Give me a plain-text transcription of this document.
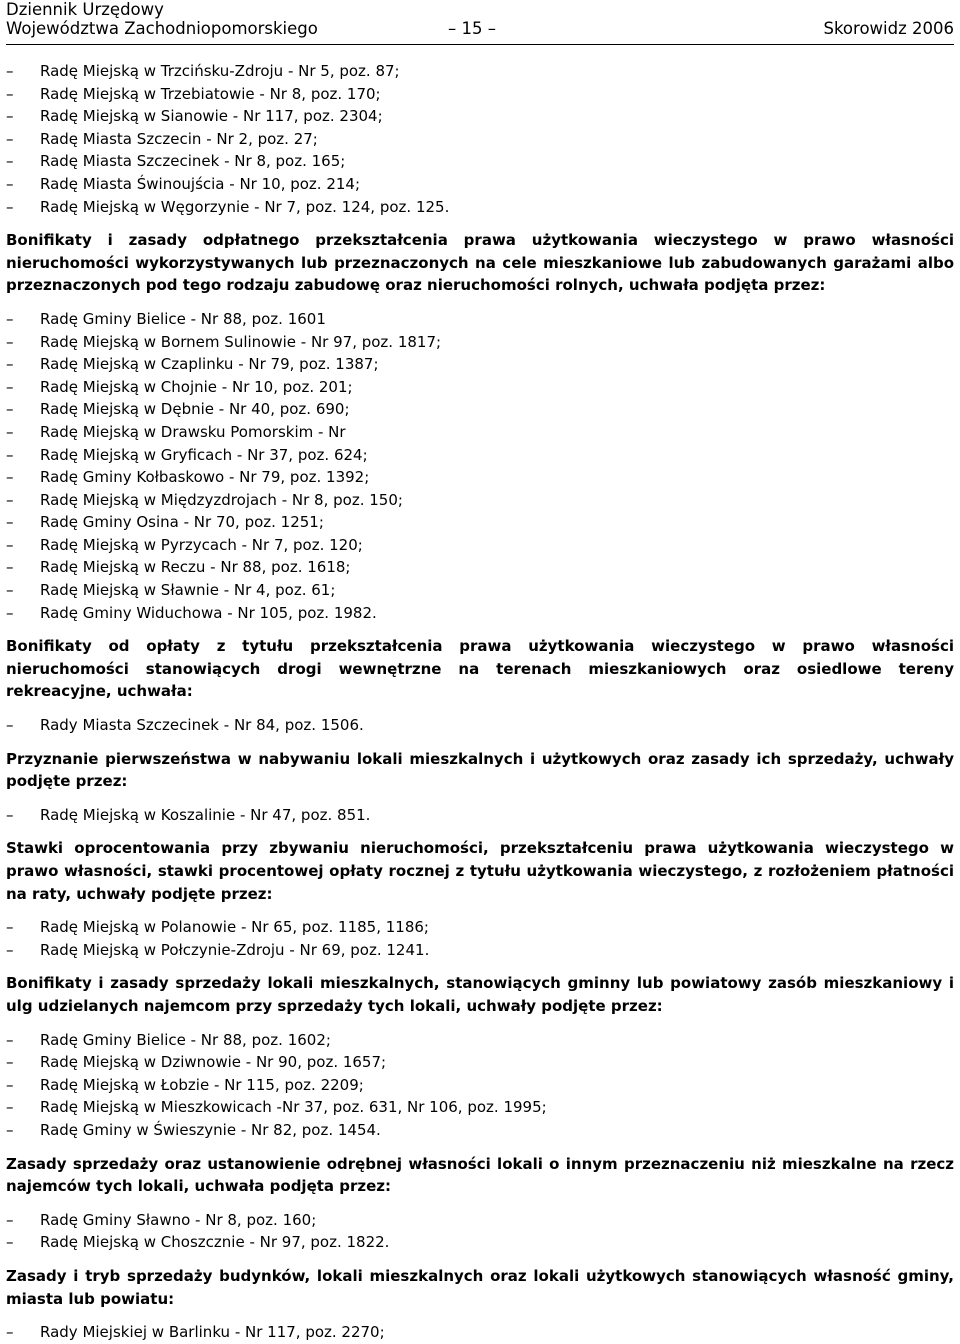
Dziennik Urzędowy
Województwa Zachodniopomorskiego	– 15 –	Skorowidz 2006
– Radę Miejską w Trzcińsku-Zdroju - Nr 5, poz. 87;
– Radę Miejską w Trzebiatowie - Nr 8, poz. 170;
– Radę Miejską w Sianowie - Nr 117, poz. 2304;
– Radę Miasta Szczecin - Nr 2, poz. 27;
– Radę Miasta Szczecinek - Nr 8, poz. 165;
– Radę Miasta Świnoujścia - Nr 10, poz. 214;
– Radę Miejską w Węgorzynie - Nr 7, poz. 124, poz. 125.

Bonifikaty i zasady odpłatnego przekształcenia prawa użytkowania wieczystego w prawo własności nieruchomości wykorzystywanych lub przeznaczonych na cele mieszkaniowe lub zabudowanych garażami albo przeznaczonych pod tego rodzaju zabudowę oraz nieruchomości rolnych, uchwała podjęta przez:

– Radę Gminy Bielice - Nr 88, poz. 1601
– Radę Miejską w Bornem Sulinowie - Nr 97, poz. 1817;
– Radę Miejską w Czaplinku - Nr 79, poz. 1387;
– Radę Miejską w Chojnie - Nr 10, poz. 201;
– Radę Miejską w Dębnie - Nr 40, poz. 690;
– Radę Miejską w Drawsku Pomorskim - Nr
– Radę Miejską w Gryficach - Nr 37, poz. 624;
– Radę Gminy Kołbaskowo - Nr 79, poz. 1392;
– Radę Miejską w Międzyzdrojach - Nr 8, poz. 150;
– Radę Gminy Osina - Nr 70, poz. 1251;
– Radę Miejską w Pyrzycach - Nr 7, poz. 120;
– Radę Miejską w Reczu - Nr 88, poz. 1618;
– Radę Miejską w Sławnie - Nr 4, poz. 61;
– Radę Gminy Widuchowa - Nr 105, poz. 1982.

Bonifikaty od opłaty z tytułu przekształcenia prawa użytkowania wieczystego w prawo własności nieruchomości stanowiących drogi wewnętrzne na terenach mieszkaniowych oraz osiedlowe tereny rekreacyjne, uchwała:

– Rady Miasta Szczecinek - Nr 84, poz. 1506.

Przyznanie pierwszeństwa w nabywaniu lokali mieszkalnych i użytkowych oraz zasady ich sprzedaży, uchwały podjęte przez:

– Radę Miejską w Koszalinie - Nr 47, poz. 851.

Stawki oprocentowania przy zbywaniu nieruchomości, przekształceniu prawa użytkowania wieczystego w prawo własności, stawki procentowej opłaty rocznej z tytułu użytkowania wieczystego, z rozłożeniem płatności na raty, uchwały podjęte przez:

– Radę Miejską w Polanowie - Nr 65, poz. 1185, 1186;
– Radę Miejską w Połczynie-Zdroju - Nr 69, poz. 1241.

Bonifikaty i zasady sprzedaży lokali mieszkalnych, stanowiących gminny lub powiatowy zasób mieszkaniowy i ulg udzielanych najemcom przy sprzedaży tych lokali, uchwały podjęte przez:

– Radę Gminy Bielice - Nr 88, poz. 1602;
– Radę Miejską w Dziwnowie - Nr 90, poz. 1657;
– Radę Miejską w Łobzie - Nr 115, poz. 2209;
– Radę Miejską w Mieszkowicach -Nr 37, poz. 631, Nr 106, poz. 1995;
– Radę Gminy w Świeszynie - Nr 82, poz. 1454.

Zasady sprzedaży oraz ustanowienie odrębnej własności lokali o innym przeznaczeniu niż mieszkalne na rzecz najemców tych lokali, uchwała podjęta przez:

– Radę Gminy Sławno - Nr 8, poz. 160;
– Radę Miejską w Choszcznie - Nr 97, poz. 1822.

Zasady i tryb sprzedaży budynków, lokali mieszkalnych oraz lokali użytkowych stanowiących własność gminy, miasta lub powiatu:

– Rady Miejskiej w Barlinku - Nr 117, poz. 2270;
